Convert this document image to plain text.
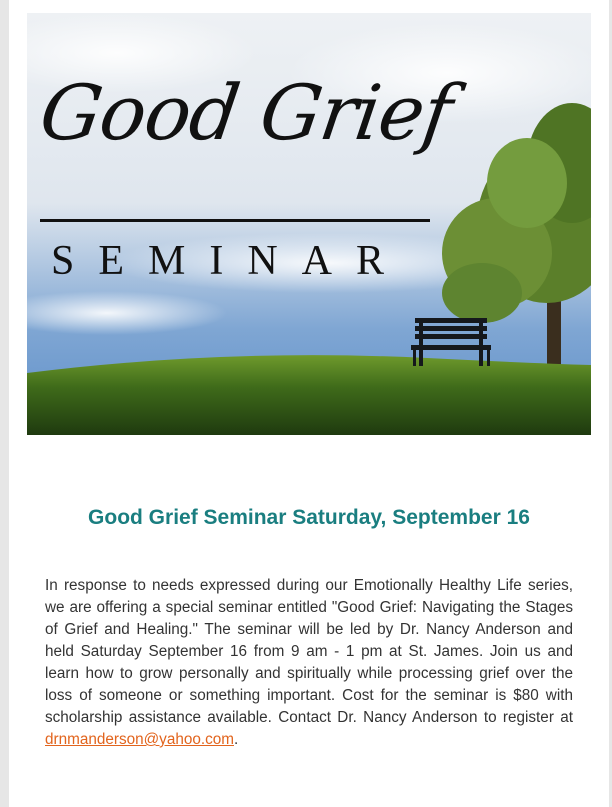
Good Grief
SEMINAR
Good Grief Seminar Saturday, September 16
In response to needs expressed during our Emotionally Healthy Life series, we are offering a special seminar entitled "Good Grief: Navigating the Stages of Grief and Healing." The seminar will be led by Dr. Nancy Anderson and held Saturday September 16 from 9 am - 1 pm at St. James. Join us and learn how to grow personally and spiritually while processing grief over the loss of someone or something important. Cost for the seminar is $80 with scholarship assistance available. Contact Dr. Nancy Anderson to register at drnmanderson@yahoo.com.
